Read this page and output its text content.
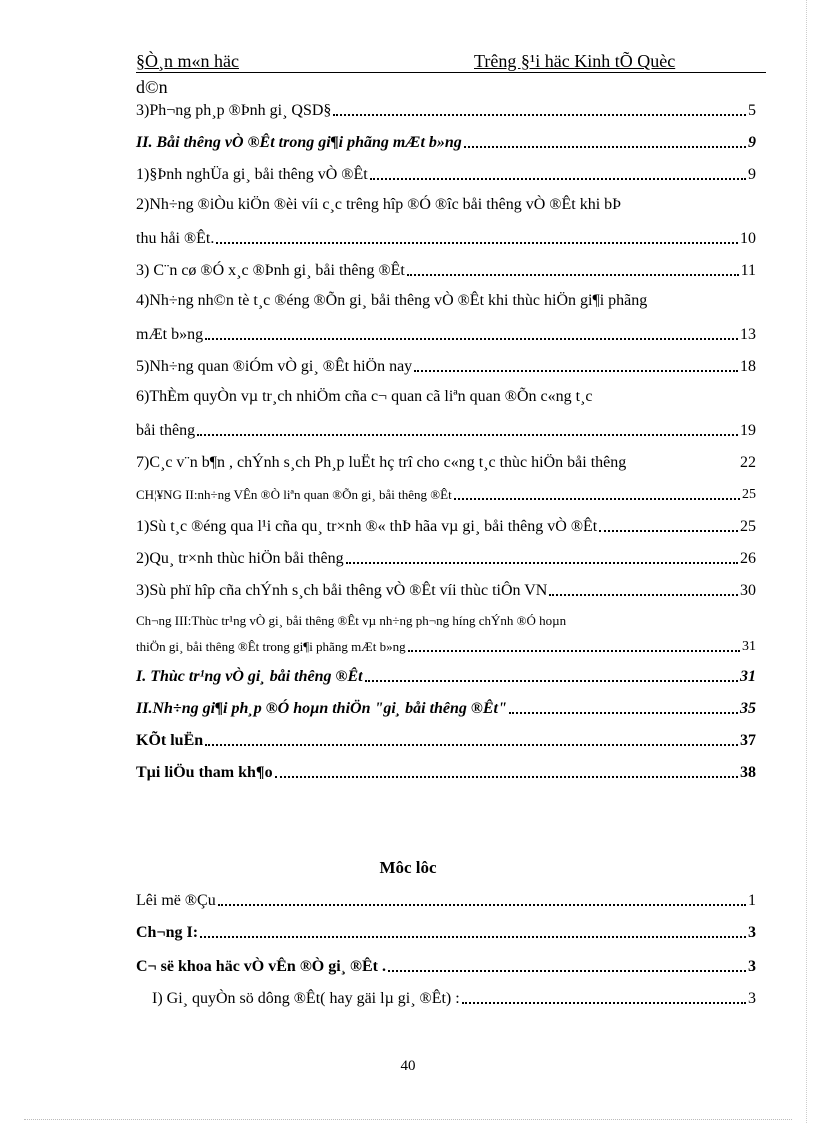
§Ò¸n m«n häc	Trêng §¹i häc Kinh tÕ Quèc
d©n
3)Ph¬ng ph¸p ®Þnh gi¸ QSD§	5
II. Båi thêng vÒ ®Êt trong gi¶i phãng mÆt b»ng	9
1)§Þnh nghÜa gi¸ båi thêng vÒ ®Êt	9
2)Nh÷ng ®iÒu kiÖn ®èi víi c¸c trêng hîp ®Ó ®îc båi thêng vÒ ®Êt khi bÞ
thu håi ®Êt.	10
3) C¨n cø ®Ó x¸c ®Þnh gi¸ båi thêng ®Êt	11
4)Nh÷ng nh©n tè t¸c ®éng ®Õn gi¸ båi thêng vÒ ®Êt khi thùc hiÖn gi¶i phãng
mÆt b»ng	13
5)Nh÷ng quan ®iÓm vÒ gi¸ ®Êt hiÖn nay	18
6)ThÈm quyÒn vµ tr¸ch nhiÖm cña c¬ quan cã liªn quan ®Õn c«ng t¸c
båi thêng	19
7)C¸c v¨n b¶n , chÝnh s¸ch Ph¸p luËt hç trî cho c«ng t¸c thùc hiÖn båi thêng	22
CH¦¥NG II:nh÷ng VÊn ®Ò liªn quan ®Õn gi¸ båi thêng ®Êt	25
1)Sù t¸c ®éng qua l¹i cña qu¸ tr×nh ®« thÞ hãa vµ gi¸ båi thêng vÒ ®Êt	25
2)Qu¸ tr×nh thùc hiÖn båi thêng	26
3)Sù phï hîp cña chÝnh s¸ch båi thêng vÒ ®Êt víi thùc tiÔn VN	30
Ch¬ng III:Thùc tr¹ng vÒ gi¸ båi thêng ®Êt vµ nh÷ng ph¬ng híng chÝnh ®Ó hoµn
thiÖn gi¸ båi thêng ®Êt trong gi¶i phãng mÆt b»ng	31
I. Thùc tr¹ng vÒ gi¸ båi thêng ®Êt	31
II.Nh÷ng gi¶i ph¸p ®Ó hoµn thiÖn "gi¸ båi thêng ®Êt"	35
KÕt luËn	37
Tµi liÖu tham kh¶o	38
Môc lôc
Lêi më ®Çu	1
Ch¬ng I:	3
C¬ së khoa häc vÒ vÊn ®Ò gi¸ ®Êt .	3
I) Gi¸ quyÒn sö dông ®Êt( hay gäi lµ gi¸ ®Êt) :	3
40
